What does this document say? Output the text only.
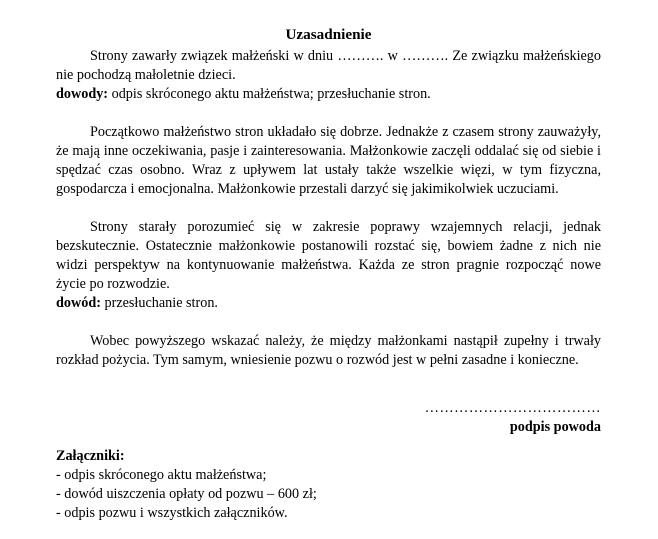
Uzasadnienie

Strony zawarły związek małżeński w dniu ………. w ………. Ze związku małżeńskiego nie pochodzą małoletnie dzieci.

dowody: odpis skróconego aktu małżeństwa; przesłuchanie stron.

Początkowo małżeństwo stron układało się dobrze. Jednakże z czasem strony zauważyły, że mają inne oczekiwania, pasje i zainteresowania. Małżonkowie zaczęli oddalać się od siebie i spędzać czas osobno. Wraz z upływem lat ustały także wszelkie więzi, w tym fizyczna, gospodarcza i emocjonalna. Małżonkowie przestali darzyć się jakimikolwiek uczuciami.

Strony starały porozumieć się w zakresie poprawy wzajemnych relacji, jednak bezskutecznie. Ostatecznie małżonkowie postanowili rozstać się, bowiem żadne z nich nie widzi perspektyw na kontynuowanie małżeństwa. Każda ze stron pragnie rozpocząć nowe życie po rozwodzie.

dowód: przesłuchanie stron.

Wobec powyższego wskazać należy, że między małżonkami nastąpił zupełny i trwały rozkład pożycia. Tym samym, wniesienie pozwu o rozwód jest w pełni zasadne i konieczne.

………………………………

podpis powoda

Załączniki:

- odpis skróconego aktu małżeństwa;

- dowód uiszczenia opłaty od pozwu – 600 zł;

- odpis pozwu i wszystkich załączników.
